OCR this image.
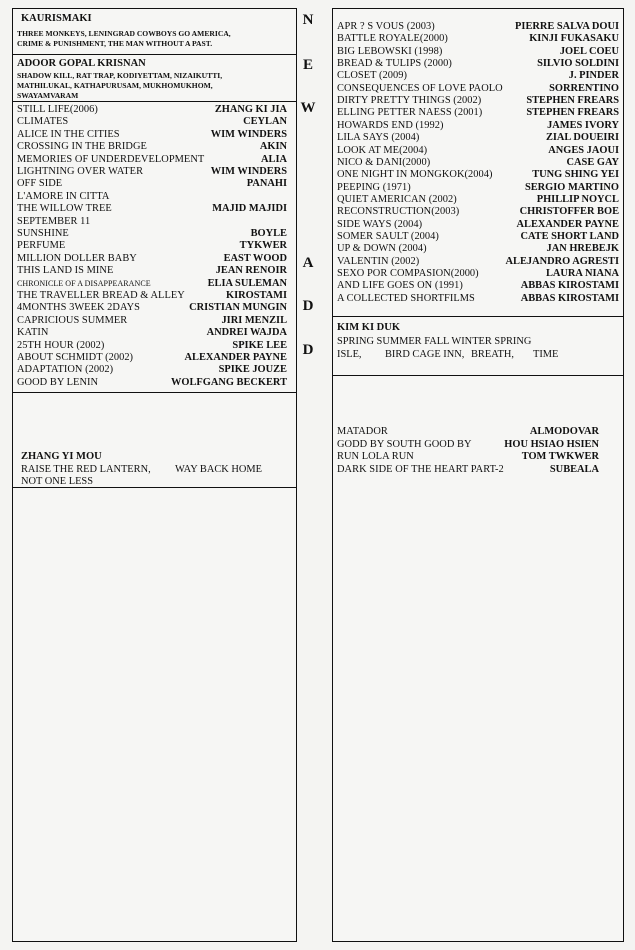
N
E
W
A
D
D
KAURISMAKI
THREE MONKEYS, LENINGRAD COWBOYS GO AMERICA,
CRIME & PUNISHMENT, THE MAN WITHOUT A PAST.
ADOOR GOPAL KRISNAN
SHADOW KILL, RAT TRAP, KODIYETTAM, NIZAIKUTTI,
MATHILUKAL, KATHAPURUSAM, MUKHOMUKHOM,
SWAYAMVARAM
STILL LIFE(2006)	ZHANG KI JIA
CLIMATES	CEYLAN
ALICE IN THE CITIES	WIM WINDERS
CROSSING IN THE BRIDGE	AKIN
MEMORIES OF UNDERDEVELOPMENT	ALIA
LIGHTNING OVER WATER	WIM WINDERS
OFF SIDE	PANAHI
L'AMORE IN CITTA
THE WILLOW TREE	MAJID MAJIDI
SEPTEMBER 11
SUNSHINE	BOYLE
PERFUME	TYKWER
MILLION DOLLER BABY	EAST WOOD
THIS LAND IS MINE	JEAN RENOIR
CHRONICLE OF A DISAPPEARANCE	ELIA SULEMAN
THE TRAVELLER BREAD & ALLEY	KIROSTAMI
4MONTHS 3WEEK 2DAYS	CRISTIAN MUNGIN
CAPRICIOUS SUMMER	JIRI MENZIL
KATIN	ANDREI WAJDA
25TH HOUR (2002)	SPIKE LEE
ABOUT SCHMIDT (2002)	ALEXANDER PAYNE
ADAPTATION (2002)	SPIKE JOUZE
GOOD BY LENIN	WOLFGANG BECKERT
ZHANG YI MOU
RAISE THE RED LANTERN, WAY BACK HOME
NOT ONE LESS
APR ? S VOUS (2003)	PIERRE SALVA DOUI
BATTLE ROYALE(2000)	KINJI FUKASAKU
BIG LEBOWSKI (1998)	JOEL COEU
BREAD & TULIPS (2000)	SILVIO SOLDINI
CLOSET (2009)	J. PINDER
CONSEQUENCES OF LOVE PAOLO	SORRENTINO
DIRTY PRETTY THINGS (2002)	STEPHEN FREARS
ELLING PETTER NAESS (2001)	STEPHEN FREARS
HOWARDS END (1992)	JAMES IVORY
LILA SAYS (2004)	ZIAL DOUEIRI
LOOK AT ME(2004)	ANGES JAOUI
NICO & DANI(2000)	CASE GAY
ONE NIGHT IN MONGKOK(2004)	TUNG SHING YEI
PEEPING (1971)	SERGIO MARTINO
QUIET AMERICAN (2002)	PHILLIP NOYCL
RECONSTRUCTION(2003)	CHRISTOFFER BOE
SIDE WAYS (2004)	ALEXANDER PAYNE
SOMER SAULT (2004)	CATE SHORT LAND
UP & DOWN (2004)	JAN HREBEJK
VALENTIN (2002)	ALEJANDRO AGRESTI
SEXO POR COMPASION(2000)	LAURA NIANA
AND LIFE GOES ON (1991)	ABBAS KIROSTAMI
A COLLECTED SHORTFILMS	ABBAS KIROSTAMI
KIM KI DUK
SPRING SUMMER FALL WINTER SPRING
ISLE, BIRD CAGE INN, BREATH, TIME
MATADOR	ALMODOVAR
GODD BY SOUTH GOOD BY	HOU HSIAO HSIEN
RUN LOLA RUN	TOM TWKWER
DARK SIDE OF THE HEART PART-2	SUBEALA
